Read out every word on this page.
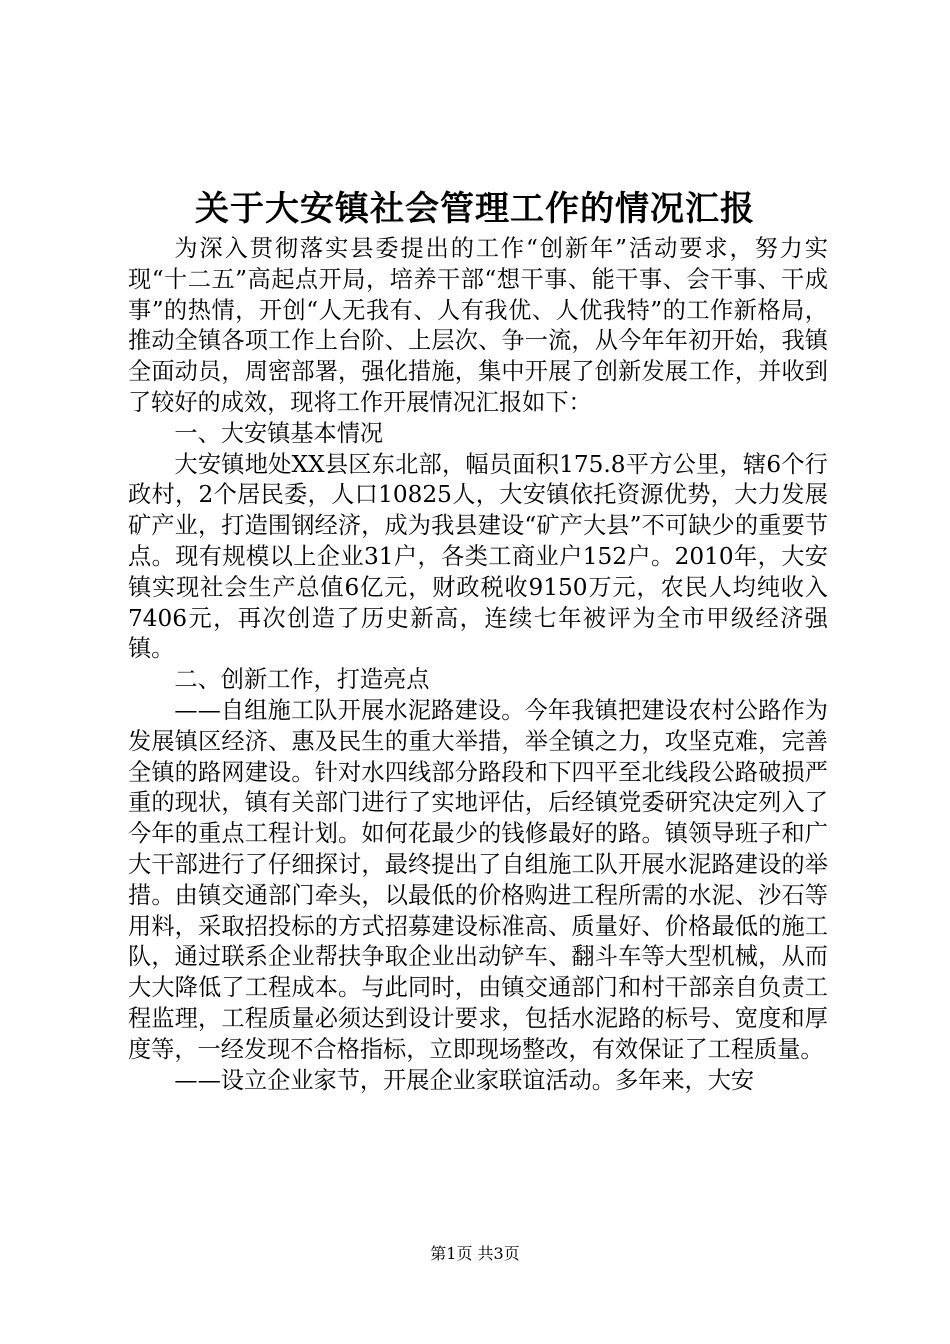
关于大安镇社会管理工作的情况汇报

为深入贯彻落实县委提出的工作“创新年”活动要求，努力实现“十二五”高起点开局，培养干部“想干事、能干事、会干事、干成事”的热情，开创“人无我有、人有我优、人优我特”的工作新格局，推动全镇各项工作上台阶、上层次、争一流，从今年年初开始，我镇全面动员，周密部署，强化措施，集中开展了创新发展工作，并收到了较好的成效，现将工作开展情况汇报如下：

一、大安镇基本情况

大安镇地处XX县区东北部，幅员面积175.8平方公里，辖6个行政村，2个居民委，人口10825人，大安镇依托资源优势，大力发展矿产业，打造围钢经济，成为我县建设“矿产大县”不可缺少的重要节点。现有规模以上企业31户，各类工商业户152户。2010年，大安镇实现社会生产总值6亿元，财政税收9150万元，农民人均纯收入7406元，再次创造了历史新高，连续七年被评为全市甲级经济强镇。

二、创新工作，打造亮点

——自组施工队开展水泥路建设。今年我镇把建设农村公路作为发展镇区经济、惠及民生的重大举措，举全镇之力，攻坚克难，完善全镇的路网建设。针对水四线部分路段和下四平至北线段公路破损严重的现状，镇有关部门进行了实地评估，后经镇党委研究决定列入了今年的重点工程计划。如何花最少的钱修最好的路。镇领导班子和广大干部进行了仔细探讨，最终提出了自组施工队开展水泥路建设的举措。由镇交通部门牵头，以最低的价格购进工程所需的水泥、沙石等用料，采取招投标的方式招募建设标准高、质量好、价格最低的施工队，通过联系企业帮扶争取企业出动铲车、翻斗车等大型机械，从而大大降低了工程成本。与此同时，由镇交通部门和村干部亲自负责工程监理，工程质量必须达到设计要求，包括水泥路的标号、宽度和厚度等，一经发现不合格指标，立即现场整改，有效保证了工程质量。

——设立企业家节，开展企业家联谊活动。多年来，大安

第1页 共3页
